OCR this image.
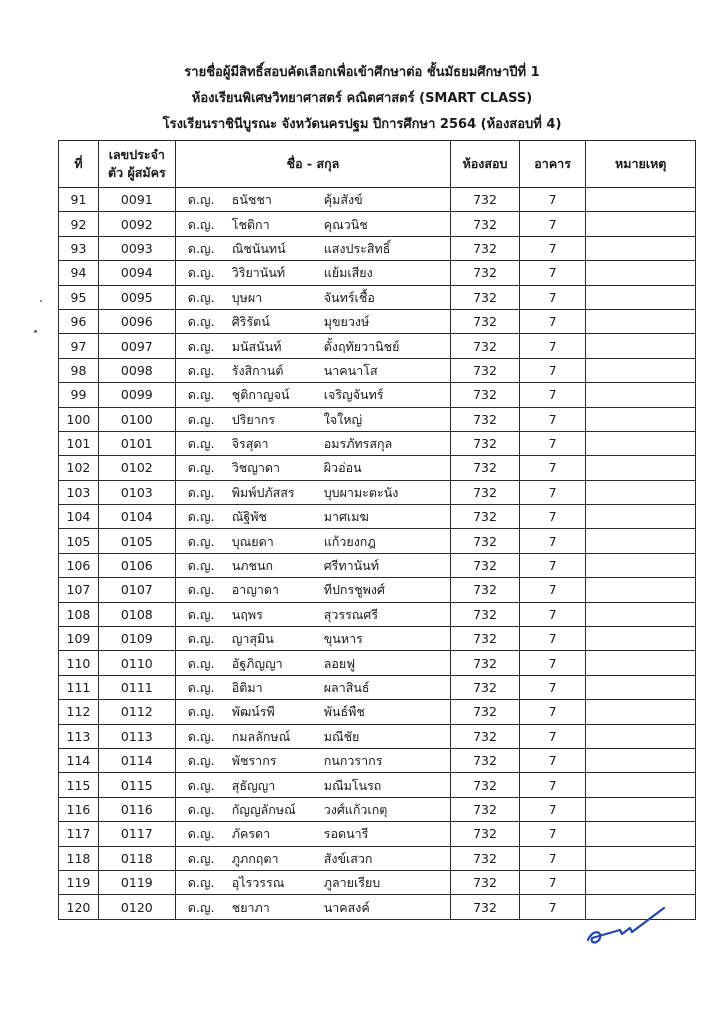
รายชื่อผู้มีสิทธิ์สอบคัดเลือกเพื่อเข้าศึกษาต่อ ชั้นมัธยมศึกษาปีที่ 1
ห้องเรียนพิเศษวิทยาศาสตร์ คณิตศาสตร์ (SMART CLASS)
โรงเรียนราชินีบูรณะ จังหวัดนครปฐม ปีการศึกษา 2564 (ห้องสอบที่ 4)
ที่	เลขประจำตัว ผู้สมัคร	ชื่อ - สกุล	ห้องสอบ	อาคาร	หมายเหตุ
91	0091	ด.ญ. ธนัชชา คุ้มสังข์	732	7	
92	0092	ด.ญ. โชติกา คุณวนิช	732	7	
93	0093	ด.ญ. ณิชนันทน์ แสงประสิทธิ์	732	7	
94	0094	ด.ญ. วิริยานันท์ แย้มเสียง	732	7	
95	0095	ด.ญ. บุษผา จันทร์เชื้อ	732	7	
96	0096	ด.ญ. ศิริรัตน์ มุขยวงษ์	732	7	
97	0097	ด.ญ. มนัสนันท์ ตั้งฤทัยวานิชย์	732	7	
98	0098	ด.ญ. รังสิกานต์ นาคนาโส	732	7	
99	0099	ด.ญ. ชุติกาญจน์ เจริญจันทร์	732	7	
100	0100	ด.ญ. ปริยากร ใจใหญ่	732	7	
101	0101	ด.ญ. จิรสุดา อมรภัทรสกุล	732	7	
102	0102	ด.ญ. วิชญาดา ผิวอ่อน	732	7	
103	0103	ด.ญ. พิมพ์ปภัสสร บุบผามะตะนัง	732	7	
104	0104	ด.ญ. ณัฐิพัช มาศเมฆ	732	7	
105	0105	ด.ญ. บุณยดา แก้วยงกฎ	732	7	
106	0106	ด.ญ. นภชนก ศรีทานันท์	732	7	
107	0107	ด.ญ. อาญาดา ทีปกรชูพงศ์	732	7	
108	0108	ด.ญ. นฤพร สุวรรณศรี	732	7	
109	0109	ด.ญ. ญาสุมิน ขุนหาร	732	7	
110	0110	ด.ญ. อัฐภิญญา ลอยฟู	732	7	
111	0111	ด.ญ. อิติมา ผลาสินธ์	732	7	
112	0112	ด.ญ. พัฒน์รพี พันธ์พืช	732	7	
113	0113	ด.ญ. กมลลักษณ์ มณีชัย	732	7	
114	0114	ด.ญ. พัชรากร กนกวรากร	732	7	
115	0115	ด.ญ. สุธัญญา มณีมโนรถ	732	7	
116	0116	ด.ญ. กัญญลักษณ์ วงศ์แก้วเกตุ	732	7	
117	0117	ด.ญ. ภัครดา รอดนารี	732	7	
118	0118	ด.ญ. ภูภกฤตา สังข์เสวก	732	7	
119	0119	ด.ญ. อุไรวรรณ ภูลายเรียบ	732	7	
120	0120	ด.ญ. ชยาภา นาคสงค์	732	7	
